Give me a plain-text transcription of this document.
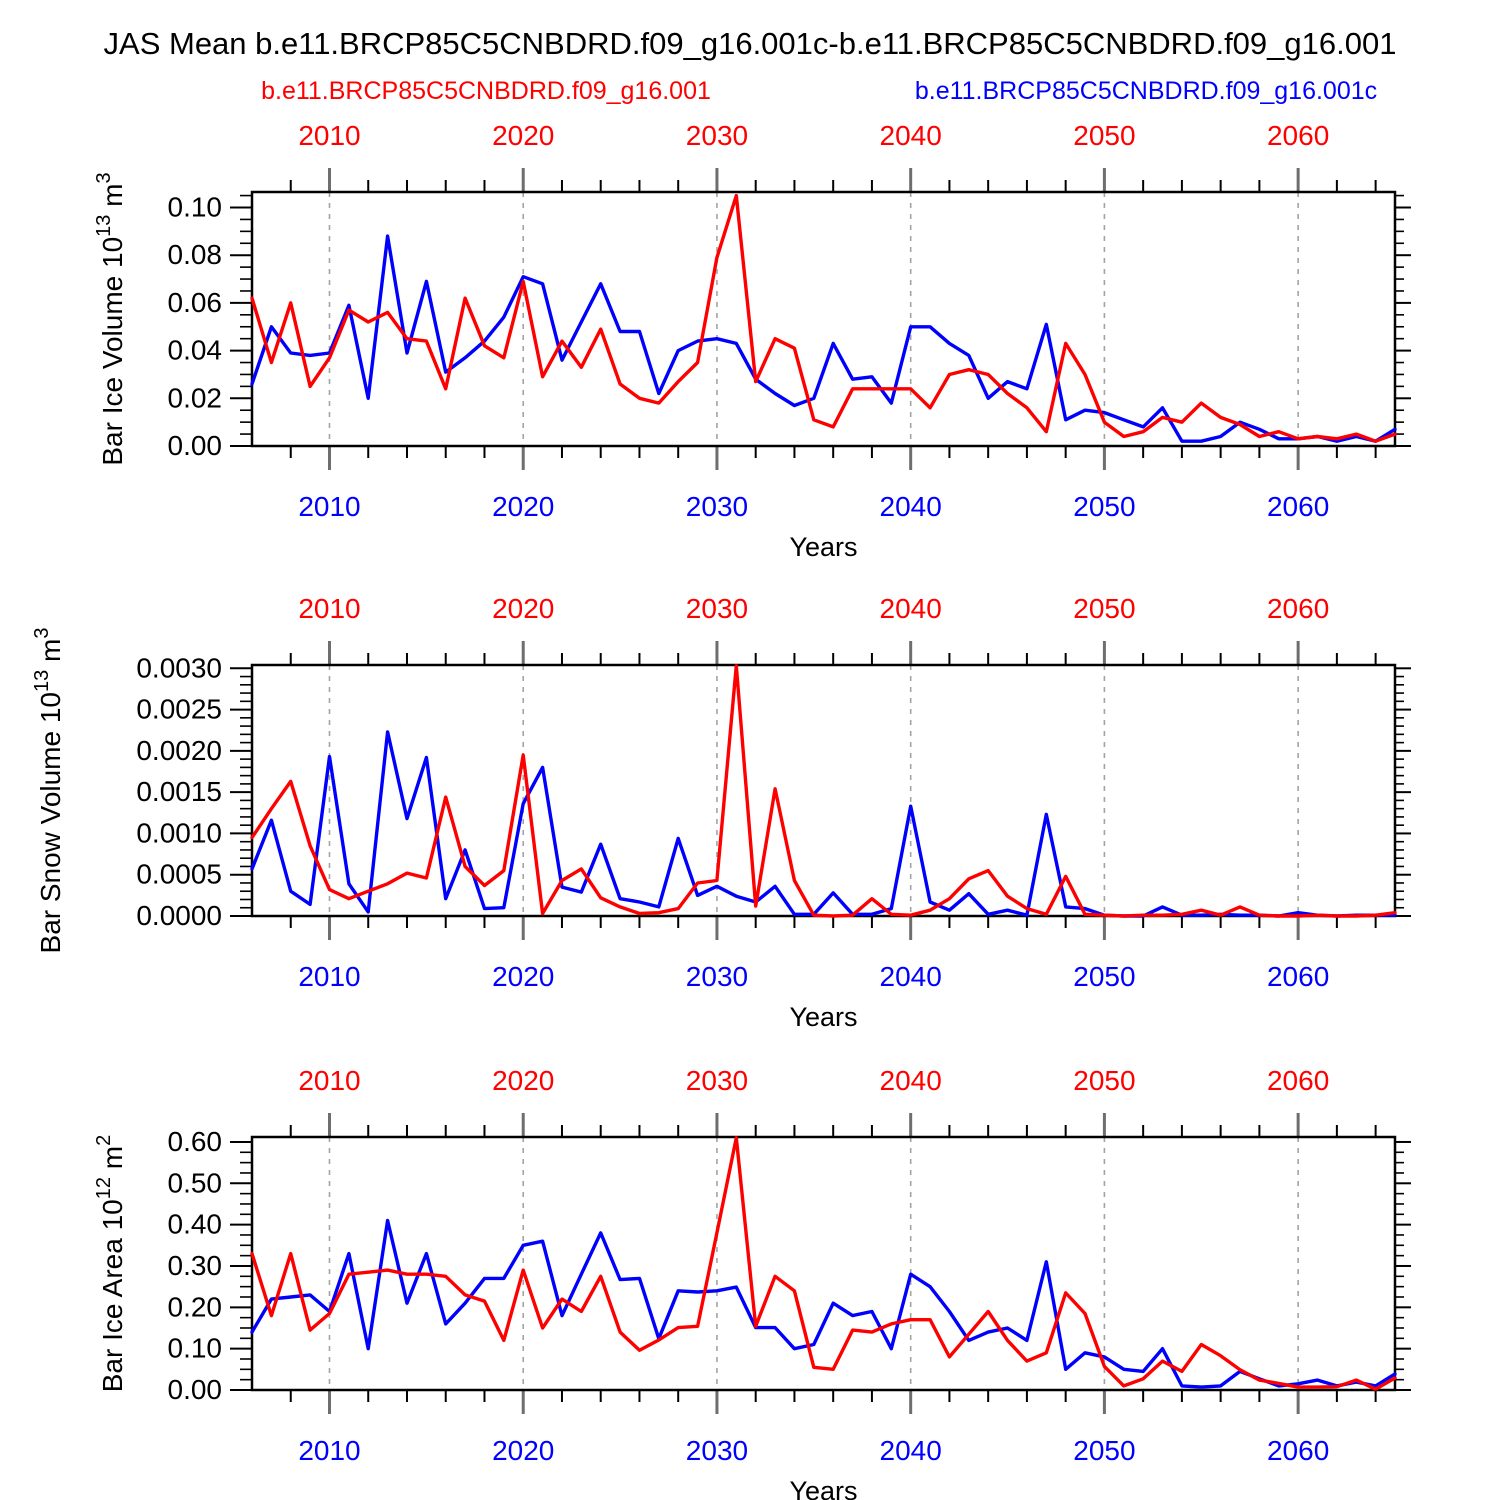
JAS Mean b.e11.BRCP85C5CNBDRD.f09_g16.001c-b.e11.BRCP85C5CNBDRD.f09_g16.001
b.e11.BRCP85C5CNBDRD.f09_g16.001	b.e11.BRCP85C5CNBDRD.f09_g16.001c
0.00
0.02
0.04
0.06
0.08
0.10
2010
2010
2020
2020
2030
2030
2040
2040
2050
2050
2060
2060
Years
Bar Ice Volume $10^{13}$ $m^3$
0.0000
0.0005
0.0010
0.0015
0.0020
0.0025
0.0030
2010
2010
2020
2020
2030
2030
2040
2040
2050
2050
2060
2060
Years
Bar Snow Volume $10^{13}$ $m^3$
0.00
0.10
0.20
0.30
0.40
0.50
0.60
2010
2010
2020
2020
2030
2030
2040
2040
2050
2050
2060
2060
Years
Bar Ice Area $10^{12}$ $m^2$
